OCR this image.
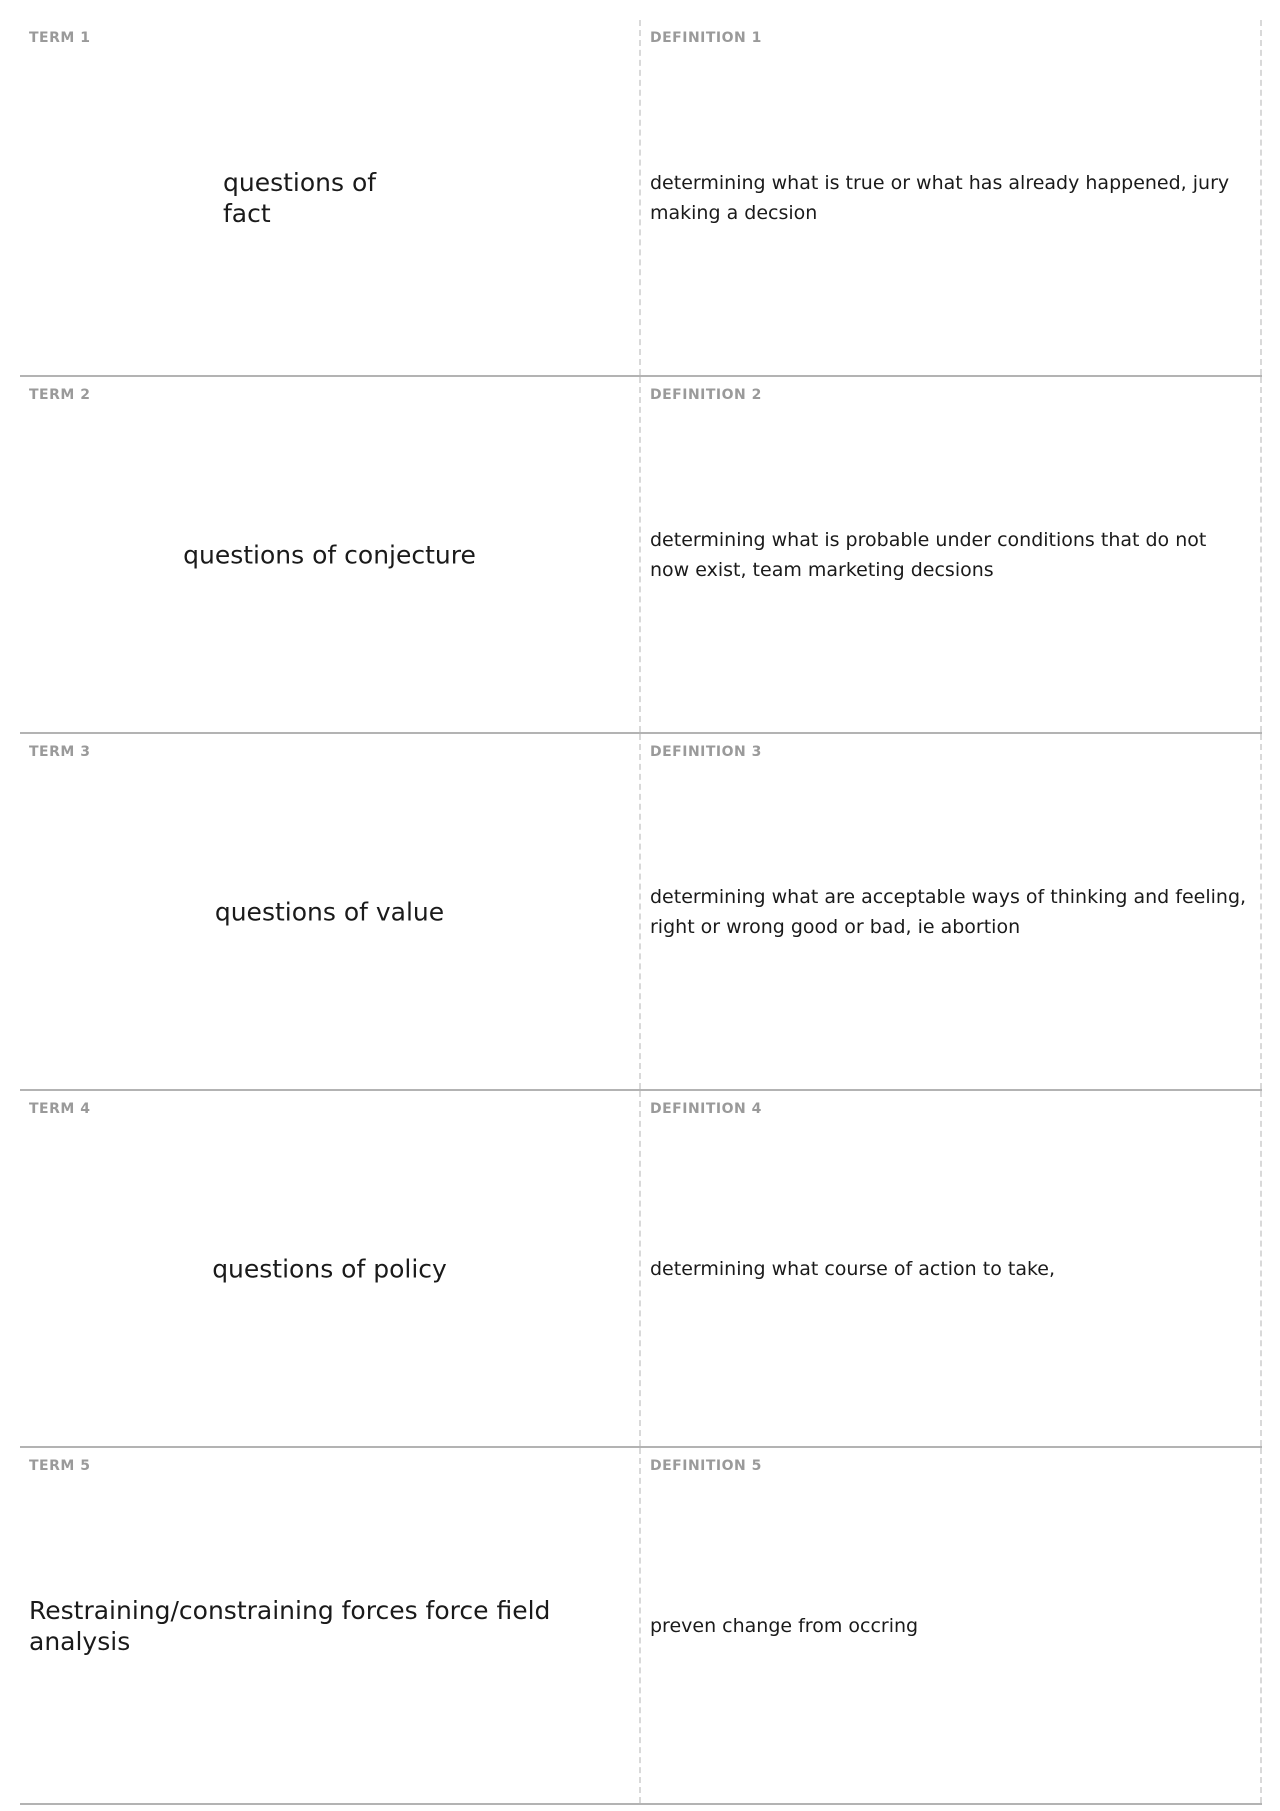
TERM 1
questions of fact
DEFINITION 1
determining what is true or what has already happened, jury making a decsion
TERM 2
questions of conjecture
DEFINITION 2
determining what is probable under conditions that do not now exist, team marketing decsions
TERM 3
questions of value
DEFINITION 3
determining what are acceptable ways of thinking and feeling, right or wrong good or bad, ie abortion
TERM 4
questions of policy
DEFINITION 4
determining what course of action to take,
TERM 5
Restraining/constraining forces force field analysis
DEFINITION 5
preven change from occring
